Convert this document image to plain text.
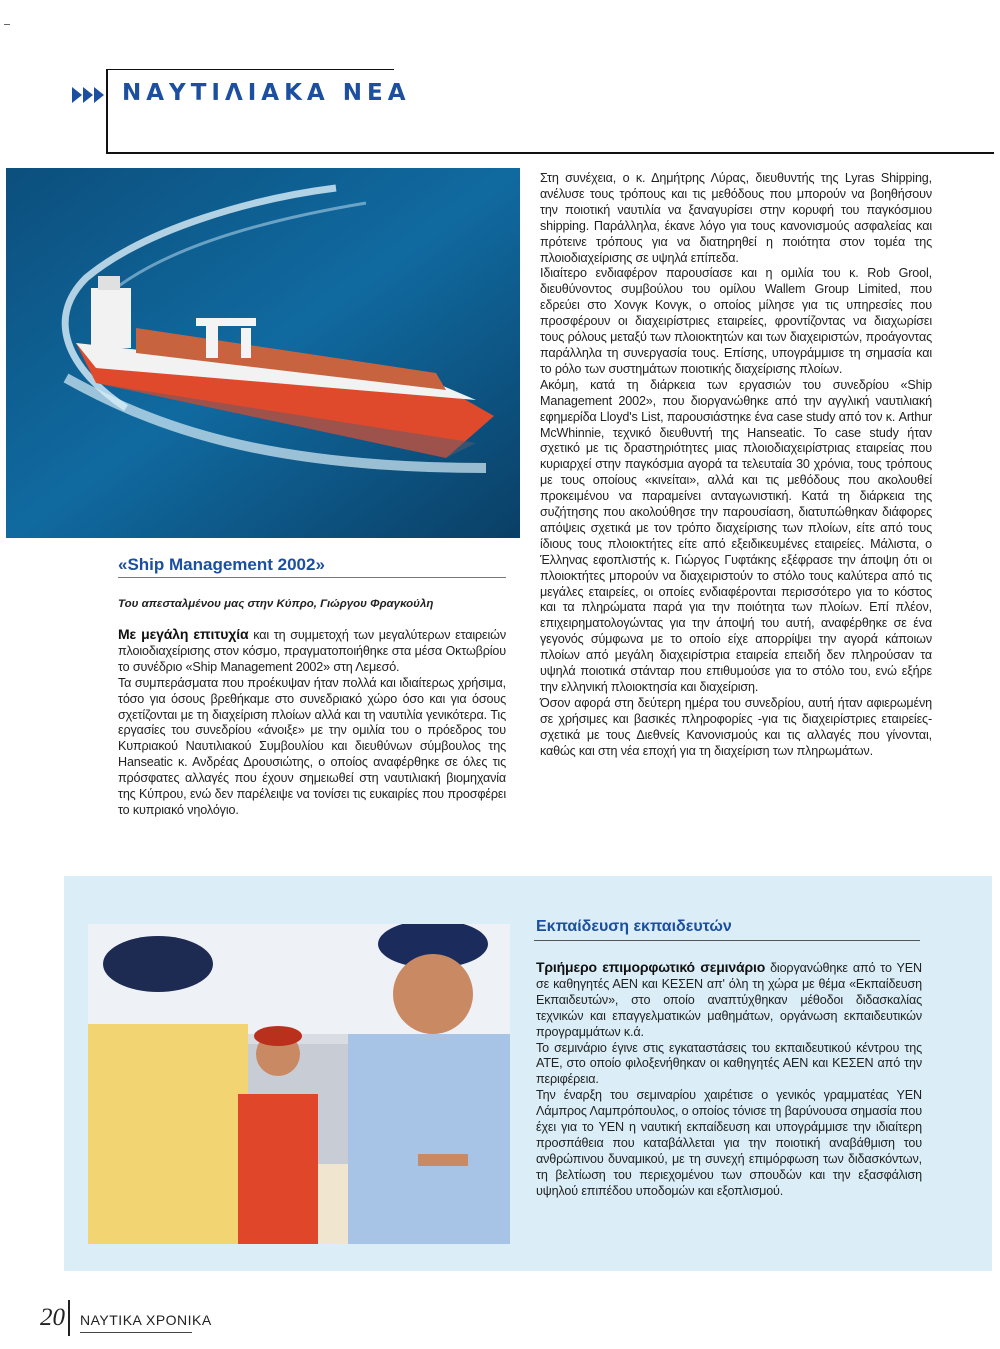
ΝΑΥΤΙΛΙΑΚΑ ΝΕΑ
«Ship Management 2002»
Του απεσταλμένου μας στην Κύπρο, Γιώργου Φραγκούλη

Με μεγάλη επιτυχία και τη συμμετοχή των μεγαλύτερων εταιρειών πλοιοδιαχείρισης στον κόσμο, πραγματοποιήθηκε στα μέσα Οκτωβρίου το συνέδριο «Ship Management 2002» στη Λεμεσό.

Τα συμπεράσματα που προέκυψαν ήταν πολλά και ιδιαίτερως χρήσιμα, τόσο για όσους βρεθήκαμε στο συνεδριακό χώρο όσο και για όσους σχετίζονται με τη διαχείριση πλοίων αλλά και τη ναυτιλία γενικότερα. Τις εργασίες του συνεδρίου «άνοιξε» με την ομιλία του ο πρόεδρος του Κυπριακού Ναυτιλιακού Συμβουλίου και διευθύνων σύμβουλος της Hanseatic κ. Ανδρέας Δρουσιώτης, ο οποίος αναφέρθηκε σε όλες τις πρόσφατες αλλαγές που έχουν σημειωθεί στη ναυτιλιακή βιομηχανία της Κύπρου, ενώ δεν παρέλειψε να τονίσει τις ευκαιρίες που προσφέρει το κυπριακό νηολόγιο.

Στη συνέχεια, ο κ. Δημήτρης Λύρας, διευθυντής της Lyras Shipping, ανέλυσε τους τρόπους και τις μεθόδους που μπορούν να βοηθήσουν την ποιοτική ναυτιλία να ξαναγυρίσει στην κορυφή του παγκόσμιου shipping. Παράλληλα, έκανε λόγο για τους κανονισμούς ασφαλείας και πρότεινε τρόπους για να διατηρηθεί η ποιότητα στον τομέα της πλοιοδιαχείρισης σε υψηλά επίπεδα.

Ιδιαίτερο ενδιαφέρον παρουσίασε και η ομιλία του κ. Rob Grool, διευθύνοντος συμβούλου του ομίλου Wallem Group Limited, που εδρεύει στο Χονγκ Κονγκ, ο οποίος μίλησε για τις υπηρεσίες που προσφέρουν οι διαχειρίστριες εταιρείες, φροντίζοντας να διαχωρίσει τους ρόλους μεταξύ των πλοιοκτητών και των διαχειριστών, προάγοντας παράλληλα τη συνεργασία τους. Επίσης, υπογράμμισε τη σημασία και το ρόλο των συστημάτων ποιοτικής διαχείρισης πλοίων.

Ακόμη, κατά τη διάρκεια των εργασιών του συνεδρίου «Ship Management 2002», που διοργανώθηκε από την αγγλική ναυτιλιακή εφημερίδα Lloyd's List, παρουσιάστηκε ένα case study από τον κ. Arthur McWhinnie, τεχνικό διευθυντή της Hanseatic. Το case study ήταν σχετικό με τις δραστηριότητες μιας πλοιοδιαχειρίστριας εταιρείας που κυριαρχεί στην παγκόσμια αγορά τα τελευταία 30 χρόνια, τους τρόπους με τους οποίους «κινείται», αλλά και τις μεθόδους που ακολουθεί προκειμένου να παραμείνει ανταγωνιστική. Κατά τη διάρκεια της συζήτησης που ακολούθησε την παρουσίαση, διατυπώθηκαν διάφορες απόψεις σχετικά με τον τρόπο διαχείρισης των πλοίων, είτε από τους ίδιους τους πλοιοκτήτες είτε από εξειδικευμένες εταιρείες. Μάλιστα, ο Έλληνας εφοπλιστής κ. Γιώργος Γυφτάκης εξέφρασε την άποψη ότι οι πλοιοκτήτες μπορούν να διαχειριστούν το στόλο τους καλύτερα από τις μεγάλες εταιρείες, οι οποίες ενδιαφέρονται περισσότερο για το κόστος και τα πληρώματα παρά για την ποιότητα των πλοίων. Επί πλέον, επιχειρηματολογώντας για την άποψή του αυτή, αναφέρθηκε σε ένα γεγονός σύμφωνα με το οποίο είχε απορρίψει την αγορά κάποιων πλοίων από μεγάλη διαχειρίστρια εταιρεία επειδή δεν πληρούσαν τα υψηλά ποιοτικά στάνταρ που επιθυμούσε για το στόλο του, ενώ εξήρε την ελληνική πλοιοκτησία και διαχείριση.

Όσον αφορά στη δεύτερη ημέρα του συνεδρίου, αυτή ήταν αφιερωμένη σε χρήσιμες και βασικές πληροφορίες -για τις διαχειρίστριες εταιρείες- σχετικά με τους Διεθνείς Κανονισμούς και τις αλλαγές που γίνονται, καθώς και στη νέα εποχή για τη διαχείριση των πληρωμάτων.

Εκπαίδευση εκπαιδευτών

Τριήμερο επιμορφωτικό σεμινάριο διοργανώθηκε από το ΥΕΝ σε καθηγητές ΑΕΝ και ΚΕΣΕΝ απ' όλη τη χώρα με θέμα «Εκπαίδευση Εκπαιδευτών», στο οποίο αναπτύχθηκαν μέθοδοι διδασκαλίας τεχνικών και επαγγελματικών μαθημάτων, οργάνωση εκπαιδευτικών προγραμμάτων κ.ά.

Το σεμινάριο έγινε στις εγκαταστάσεις του εκπαιδευτικού κέντρου της ΑΤΕ, στο οποίο φιλοξενήθηκαν οι καθηγητές ΑΕΝ και ΚΕΣΕΝ από την περιφέρεια.

Την έναρξη του σεμιναρίου χαιρέτισε ο γενικός γραμματέας ΥΕΝ Λάμπρος Λαμπρόπουλος, ο οποίος τόνισε τη βαρύνουσα σημασία που έχει για το ΥΕΝ η ναυτική εκπαίδευση και υπογράμμισε την ιδιαίτερη προσπάθεια που καταβάλλεται για την ποιοτική αναβάθμιση του ανθρώπινου δυναμικού, με τη συνεχή επιμόρφωση των διδασκόντων, τη βελτίωση του περιεχομένου των σπουδών και την εξασφάλιση υψηλού επιπέδου υποδομών και εξοπλισμού.

20 ΝΑΥΤΙΚΑ ΧΡΟΝΙΚΑ
